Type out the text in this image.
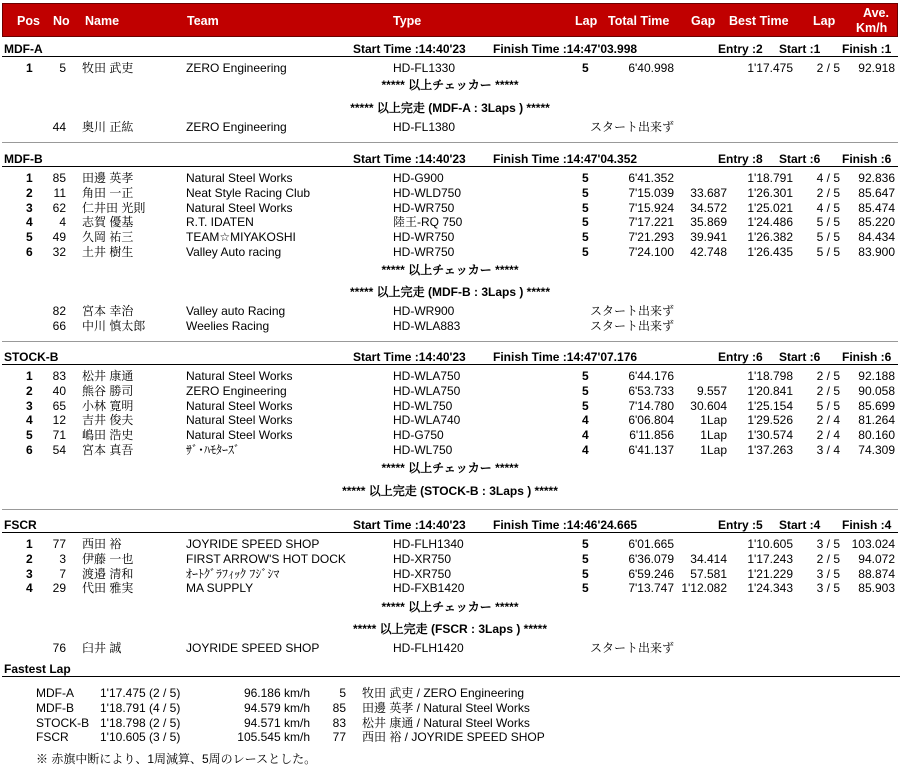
Pos No Name	Team	Type	Lap Total Time Gap Best Time Lap
Ave.
Km/h
MDF-A	Start Time :14:40'23 Finish Time :14:47'03.998	Entry :2 Start :1 Finish :1
1	5 牧田 武吏	ZERO Engineering	HD-FL1330	5	6'40.998	1'17.475	2 / 5	92.918
***** 以上チェッカー *****
***** 以上完走 (MDF-A : 3Laps ) *****
44 奥川 正紘	ZERO Engineering	HD-FL1380	スタート出来ず
MDF-B	Start Time :14:40'23 Finish Time :14:47'04.352	Entry :8 Start :6 Finish :6
1	85 田邊 英孝	Natural Steel Works	HD-G900	5	6'41.352	1'18.791	4 / 5	92.836
2	11 角田 一正	Neat Style Racing Club	HD-WLD750	5	7'15.039	33.687	1'26.301	2 / 5	85.647
3	62 仁井田 光則	Natural Steel Works	HD-WR750	5	7'15.924	34.572	1'25.021	4 / 5	85.474
4	4 志賀 優基	R.T. IDATEN	陸王-RQ 750	5	7'17.221	35.869	1'24.486	5 / 5	85.220
5	49 久岡 祐三	TEAM☆MIYAKOSHI	HD-WR750	5	7'21.293	39.941	1'26.382	5 / 5	84.434
6	32 土井 樹生	Valley Auto racing	HD-WR750	5	7'24.100	42.748	1'26.435	5 / 5	83.900
***** 以上チェッカー *****
***** 以上完走 (MDF-B : 3Laps ) *****
82 宮本 幸治	Valley auto Racing	HD-WR900	スタート出来ず
66 中川 慎太郎	Weelies Racing	HD-WLA883	スタート出来ず
STOCK-B	Start Time :14:40'23 Finish Time :14:47'07.176	Entry :6 Start :6 Finish :6
1	83 松井 康通	Natural Steel Works	HD-WLA750	5	6'44.176	1'18.798	2 / 5	92.188
2	40 熊谷 勝司	ZERO Engineering	HD-WLA750	5	6'53.733	9.557	1'20.841	2 / 5	90.058
3	65 小林 寛明	Natural Steel Works	HD-WL750	5	7'14.780	30.604	1'25.154	5 / 5	85.699
4	12 吉井 俊夫	Natural Steel Works	HD-WLA740	4	6'06.804	1Lap	1'29.526	2 / 4	81.264
5	71 嶋田 浩史	Natural Steel Works	HD-G750	4	6'11.856	1Lap	1'30.574	2 / 4	80.160
6	54 宮本 真吾	ｻﾞ･ﾊﾓﾀｰｽﾞ	HD-WL750	4	6'41.137	1Lap	1'37.263	3 / 4	74.309
***** 以上チェッカー *****
***** 以上完走 (STOCK-B : 3Laps ) *****
FSCR	Start Time :14:40'23 Finish Time :14:46'24.665	Entry :5 Start :4 Finish :4
1	77 西田 裕	JOYRIDE SPEED SHOP	HD-FLH1340	5	6'01.665	1'10.605	3 / 5 103.024
2	3 伊藤 一也	FIRST ARROW'S HOT DOCK	HD-XR750	5	6'36.079	34.414	1'17.243	2 / 5	94.072
3	7 渡邉 清和	ｵｰﾄｸﾞﾗﾌｨｯｸ ﾌｼﾞｼﾏ	HD-XR750	5	6'59.246	57.581	1'21.229	3 / 5	88.874
4	29 代田 雅実	MA SUPPLY	HD-FXB1420	5	7'13.747 1'12.082	1'24.343	3 / 5	85.903
***** 以上チェッカー *****
***** 以上完走 (FSCR : 3Laps ) *****
76 臼井 誠	JOYRIDE SPEED SHOP	HD-FLH1420	スタート出来ず
Fastest Lap
MDF-A 1'17.475 (2 / 5)	96.186 km/h	5 牧田 武吏 / ZERO Engineering
MDF-B 1'18.791 (4 / 5)	94.579 km/h	85 田邊 英孝 / Natural Steel Works
STOCK-B 1'18.798 (2 / 5)	94.571 km/h	83 松井 康通 / Natural Steel Works
FSCR	1'10.605 (3 / 5)	105.545 km/h	77 西田 裕 / JOYRIDE SPEED SHOP
※ 赤旗中断により、1周減算、5周のレースとした。
